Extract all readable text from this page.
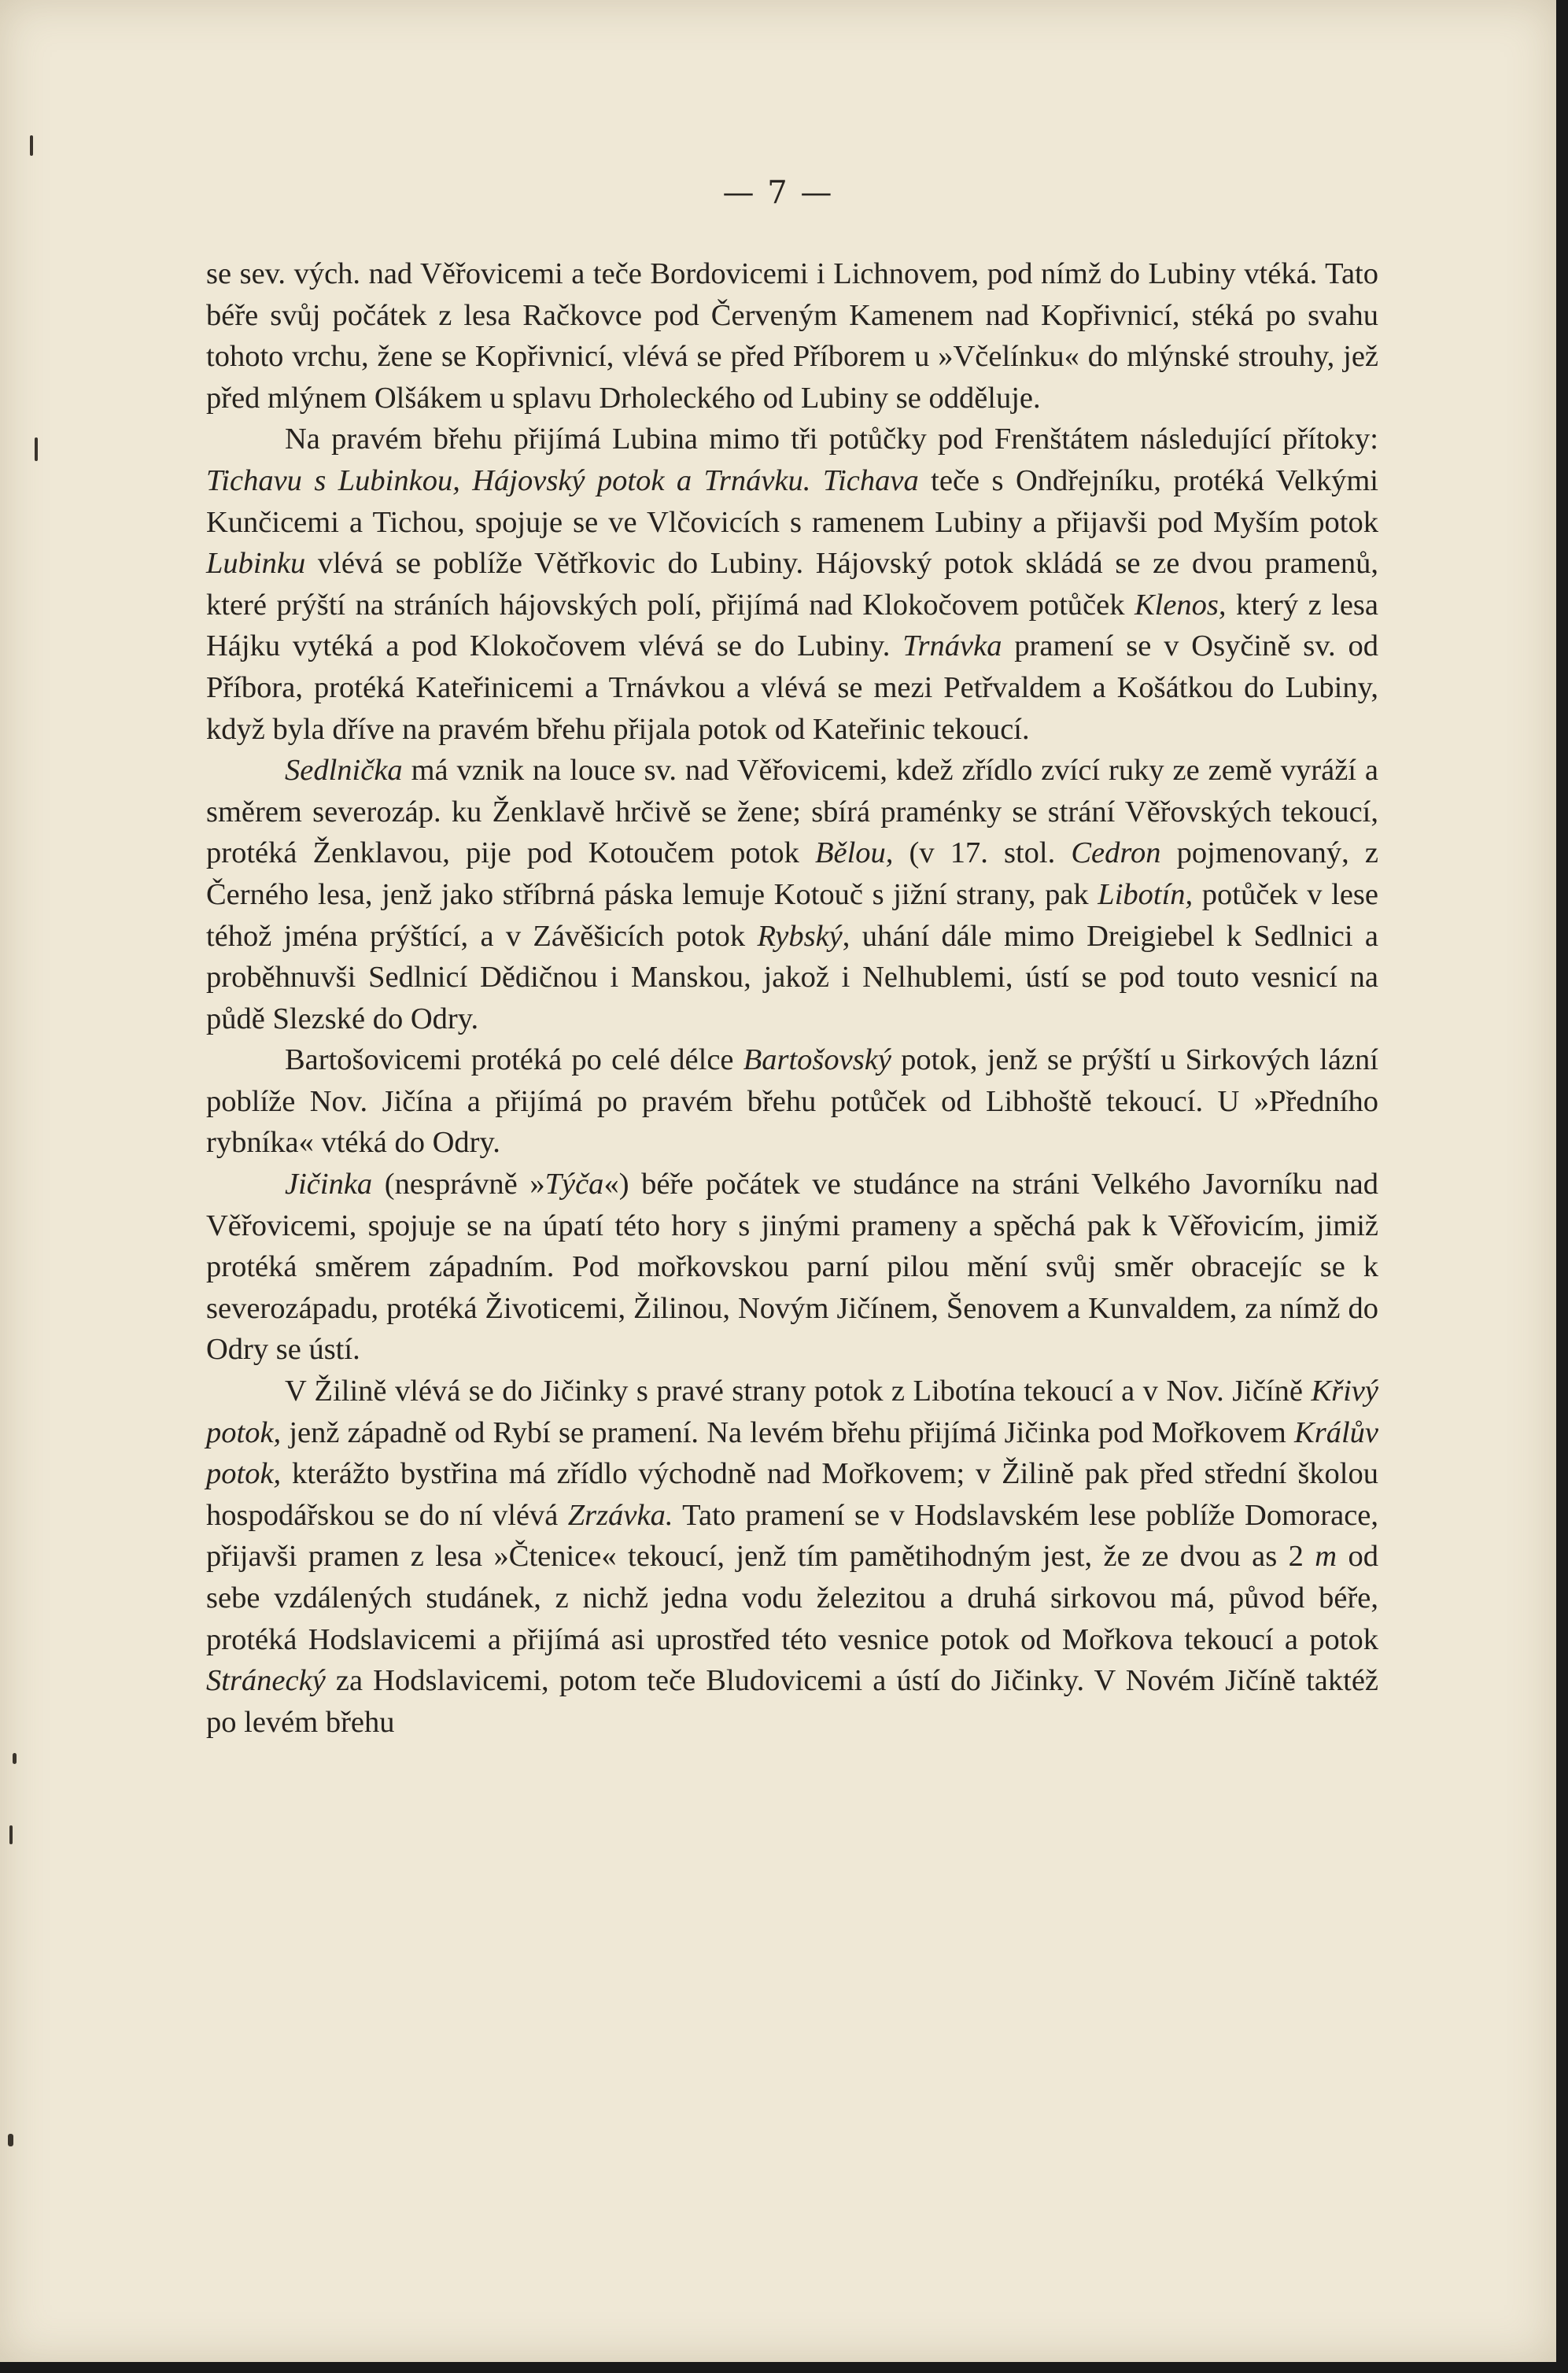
— 7 —

se sev. vých. nad Věřovicemi a teče Bordovicemi i Lichnovem, pod nímž do Lubiny vtéká. Tato béře svůj počátek z lesa Račkovce pod Červeným Kamenem nad Kopřivnicí, stéká po svahu tohoto vrchu, žene se Kopřivnicí, vlévá se před Příborem u »Včelínku« do mlýnské strouhy, jež před mlýnem Olšákem u splavu Drholeckého od Lubiny se odděluje.

Na pravém břehu přijímá Lubina mimo tři potůčky pod Frenštátem následující přítoky: Tichavu s Lubinkou, Hájovský potok a Trnávku. Tichava teče s Ondřejníku, protéká Velkými Kunčicemi a Tichou, spojuje se ve Vlčovicích s ramenem Lubiny a přijavši pod Myším potok Lubinku vlévá se poblíže Větřkovic do Lubiny. Hájovský potok skládá se ze dvou pramenů, které prýští na stráních hájovských polí, přijímá nad Klokočovem potůček Klenos, který z lesa Hájku vytéká a pod Klokočovem vlévá se do Lubiny. Trnávka pramení se v Osyčině sv. od Příbora, protéká Kateřinicemi a Trnávkou a vlévá se mezi Petřvaldem a Košátkou do Lubiny, když byla dříve na pravém břehu přijala potok od Kateřinic tekoucí.

Sedlnička má vznik na louce sv. nad Věřovicemi, kdež zřídlo zvící ruky ze země vyráží a směrem severozáp. ku Ženklavě hrčivě se žene; sbírá praménky se strání Věřovských tekoucí, protéká Ženklavou, pije pod Kotoučem potok Bělou, (v 17. stol. Cedron pojmenovaný, z Černého lesa, jenž jako stříbrná páska lemuje Kotouč s jižní strany, pak Libotín, potůček v lese téhož jména prýštící, a v Závěšicích potok Rybský, uhání dále mimo Dreigiebel k Sedlnici a proběhnuvši Sedlnicí Dědičnou i Manskou, jakož i Nelhublemi, ústí se pod touto vesnicí na půdě Slezské do Odry.

Bartošovicemi protéká po celé délce Bartošovský potok, jenž se prýští u Sirkových lázní poblíže Nov. Jičína a přijímá po pravém břehu potůček od Libhoště tekoucí. U »Předního rybníka« vtéká do Odry.

Jičinka (nesprávně »Týča«) béře počátek ve studánce na stráni Velkého Javorníku nad Věřovicemi, spojuje se na úpatí této hory s jinými prameny a spěchá pak k Věřovicím, jimiž protéká směrem západním. Pod mořkovskou parní pilou mění svůj směr obracejíc se k severozápadu, protéká Životicemi, Žilinou, Novým Jičínem, Šenovem a Kunvaldem, za nímž do Odry se ústí.

V Žilině vlévá se do Jičinky s pravé strany potok z Libotína tekoucí a v Nov. Jičíně Křivý potok, jenž západně od Rybí se pramení. Na levém břehu přijímá Jičinka pod Mořkovem Králův potok, kterážto bystřina má zřídlo východně nad Mořkovem; v Žilině pak před střední školou hospodářskou se do ní vlévá Zrzávka. Tato pramení se v Hodslavském lese poblíže Domorace, přijavši pramen z lesa »Čtenice« tekoucí, jenž tím pamětihodným jest, že ze dvou as 2 m od sebe vzdálených studánek, z nichž jedna vodu železitou a druhá sirkovou má, původ béře, protéká Hodslavicemi a přijímá asi uprostřed této vesnice potok od Mořkova tekoucí a potok Stránecký za Hodslavicemi, potom teče Bludovicemi a ústí do Jičinky. V Novém Jičíně taktéž po levém břehu
